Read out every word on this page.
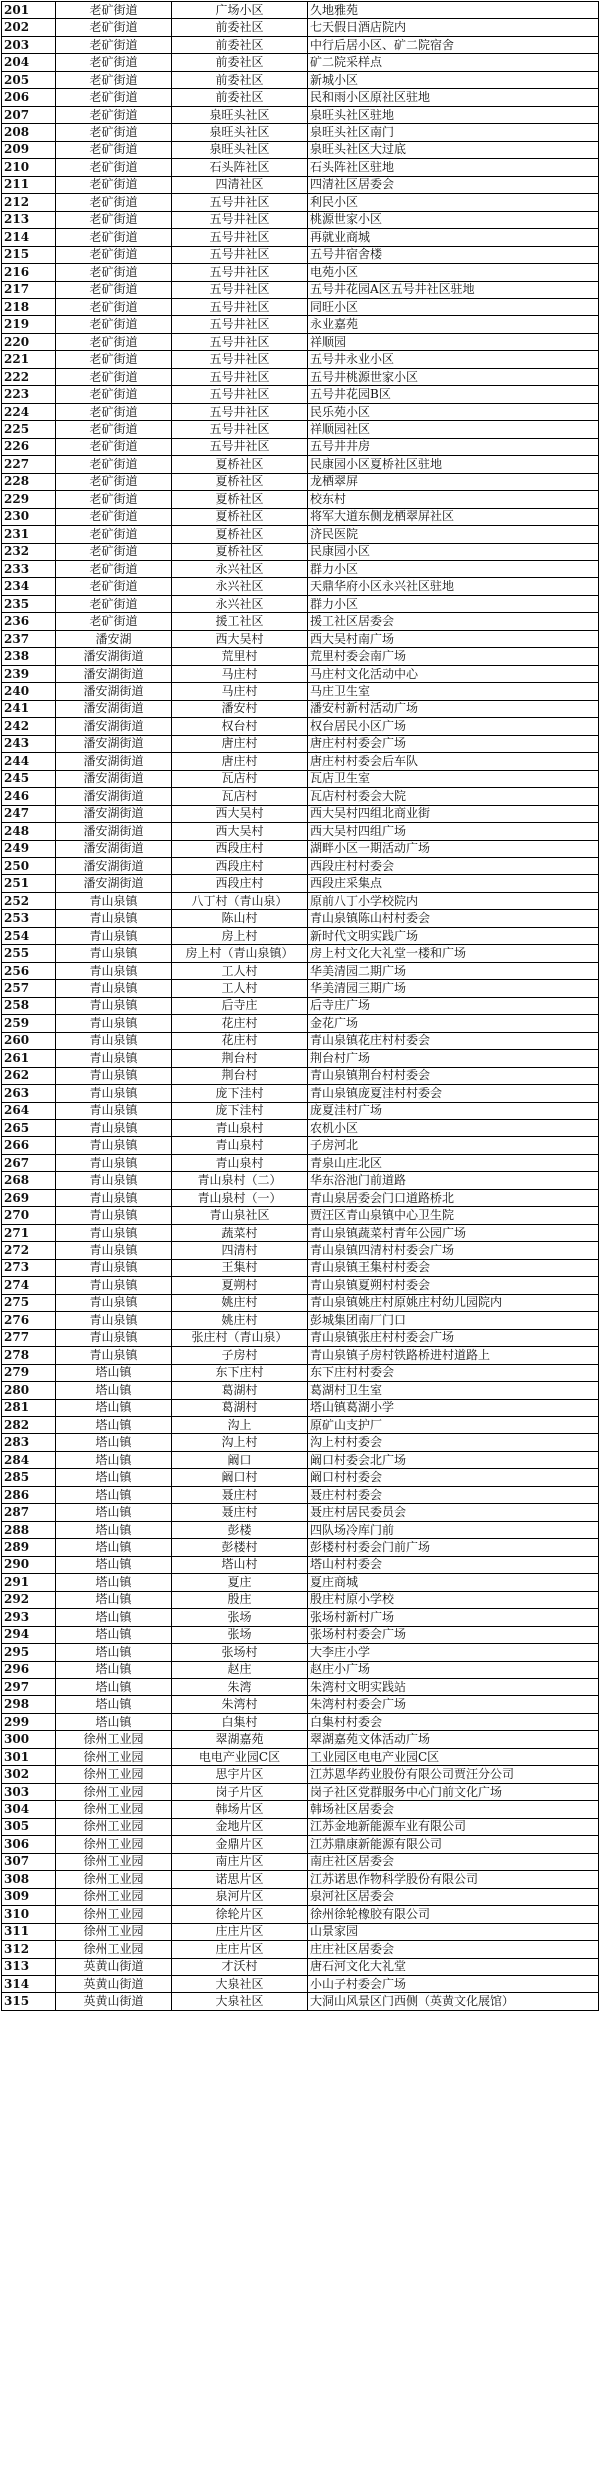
201	老矿街道	广场小区	久地雅苑
202	老矿街道	前委社区	七天假日酒店院内
203	老矿街道	前委社区	中行后居小区、矿二院宿舍
204	老矿街道	前委社区	矿二院采样点
205	老矿街道	前委社区	新城小区
206	老矿街道	前委社区	民和雨小区原社区驻地
207	老矿街道	泉旺头社区	泉旺头社区驻地
208	老矿街道	泉旺头社区	泉旺头社区南门
209	老矿街道	泉旺头社区	泉旺头社区大过底
210	老矿街道	石头阵社区	石头阵社区驻地
211	老矿街道	四清社区	四清社区居委会
212	老矿街道	五号井社区	利民小区
213	老矿街道	五号井社区	桃源世家小区
214	老矿街道	五号井社区	再就业商城
215	老矿街道	五号井社区	五号井宿舍楼
216	老矿街道	五号井社区	电苑小区
217	老矿街道	五号井社区	五号井花园A区五号井社区驻地
218	老矿街道	五号井社区	同旺小区
219	老矿街道	五号井社区	永业嘉苑
220	老矿街道	五号井社区	祥顺园
221	老矿街道	五号井社区	五号井永业小区
222	老矿街道	五号井社区	五号井桃源世家小区
223	老矿街道	五号井社区	五号井花园B区
224	老矿街道	五号井社区	民乐苑小区
225	老矿街道	五号井社区	祥顺园社区
226	老矿街道	五号井社区	五号井井房
227	老矿街道	夏桥社区	民康园小区夏桥社区驻地
228	老矿街道	夏桥社区	龙栖翠屏
229	老矿街道	夏桥社区	校东村
230	老矿街道	夏桥社区	将军大道东侧龙栖翠屏社区
231	老矿街道	夏桥社区	济民医院
232	老矿街道	夏桥社区	民康园小区
233	老矿街道	永兴社区	群力小区
234	老矿街道	永兴社区	天鼎华府小区永兴社区驻地
235	老矿街道	永兴社区	群力小区
236	老矿街道	援工社区	援工社区居委会
237	潘安湖	西大吴村	西大吴村南广场
238	潘安湖街道	荒里村	荒里村委会南广场
239	潘安湖街道	马庄村	马庄村文化活动中心
240	潘安湖街道	马庄村	马庄卫生室
241	潘安湖街道	潘安村	潘安村新村活动广场
242	潘安湖街道	权台村	权台居民小区广场
243	潘安湖街道	唐庄村	唐庄村村委会广场
244	潘安湖街道	唐庄村	唐庄村村委会后车队
245	潘安湖街道	瓦店村	瓦店卫生室
246	潘安湖街道	瓦店村	瓦店村村委会大院
247	潘安湖街道	西大吴村	西大吴村四组北商业街
248	潘安湖街道	西大吴村	西大吴村四组广场
249	潘安湖街道	西段庄村	湖畔小区一期活动广场
250	潘安湖街道	西段庄村	西段庄村村委会
251	潘安湖街道	西段庄村	西段庄采集点
252	青山泉镇	八丁村（青山泉）	原前八丁小学校院内
253	青山泉镇	陈山村	青山泉镇陈山村村委会
254	青山泉镇	房上村	新时代文明实践广场
255	青山泉镇	房上村（青山泉镇）	房上村文化大礼堂一楼和广场
256	青山泉镇	工人村	华美清园二期广场
257	青山泉镇	工人村	华美清园三期广场
258	青山泉镇	后寺庄	后寺庄广场
259	青山泉镇	花庄村	金花广场
260	青山泉镇	花庄村	青山泉镇花庄村村委会
261	青山泉镇	荆台村	荆台村广场
262	青山泉镇	荆台村	青山泉镇荆台村村委会
263	青山泉镇	庞下洼村	青山泉镇庞夏洼村村委会
264	青山泉镇	庞下洼村	庞夏洼村广场
265	青山泉镇	青山泉村	农机小区
266	青山泉镇	青山泉村	子房河北
267	青山泉镇	青山泉村	青泉山庄北区
268	青山泉镇	青山泉村（二）	华东浴池门前道路
269	青山泉镇	青山泉村（一）	青山泉居委会门口道路桥北
270	青山泉镇	青山泉社区	贾汪区青山泉镇中心卫生院
271	青山泉镇	蔬菜村	青山泉镇蔬菜村青年公园广场
272	青山泉镇	四清村	青山泉镇四清村村委会广场
273	青山泉镇	王集村	青山泉镇王集村村委会
274	青山泉镇	夏朔村	青山泉镇夏朔村村委会
275	青山泉镇	姚庄村	青山泉镇姚庄村原姚庄村幼儿园院内
276	青山泉镇	姚庄村	彭城集团南厂门口
277	青山泉镇	张庄村（青山泉）	青山泉镇张庄村村委会广场
278	青山泉镇	子房村	青山泉镇子房村铁路桥进村道路上
279	塔山镇	东下庄村	东下庄村村委会
280	塔山镇	葛湖村	葛湖村卫生室
281	塔山镇	葛湖村	塔山镇葛湖小学
282	塔山镇	沟上	原矿山支护厂
283	塔山镇	沟上村	沟上村村委会
284	塔山镇	阚口	阚口村委会北广场
285	塔山镇	阚口村	阚口村村委会
286	塔山镇	聂庄村	聂庄村村委会
287	塔山镇	聂庄村	聂庄村居民委员会
288	塔山镇	彭楼	四队场冷库门前
289	塔山镇	彭楼村	彭楼村村委会门前广场
290	塔山镇	塔山村	塔山村村委会
291	塔山镇	夏庄	夏庄商城
292	塔山镇	殷庄	殷庄村原小学校
293	塔山镇	张场	张场村新村广场
294	塔山镇	张场	张场村村委会广场
295	塔山镇	张场村	大李庄小学
296	塔山镇	赵庄	赵庄小广场
297	塔山镇	朱湾	朱湾村文明实践站
298	塔山镇	朱湾村	朱湾村村委会广场
299	塔山镇	白集村	白集村村委会
300	徐州工业园	翠湖嘉苑	翠湖嘉苑文体活动广场
301	徐州工业园	电电产业园C区	工业园区电电产业园C区
302	徐州工业园	思宇片区	江苏恩华药业股份有限公司贾汪分公司
303	徐州工业园	岗子片区	岗子社区党群服务中心门前文化广场
304	徐州工业园	韩场片区	韩场社区居委会
305	徐州工业园	金地片区	江苏金地新能源车业有限公司
306	徐州工业园	金鼎片区	江苏鼎康新能源有限公司
307	徐州工业园	南庄片区	南庄社区居委会
308	徐州工业园	诺思片区	江苏诺思作物科学股份有限公司
309	徐州工业园	泉河片区	泉河社区居委会
310	徐州工业园	徐轮片区	徐州徐轮橡胶有限公司
311	徐州工业园	庄庄片区	山景家园
312	徐州工业园	庄庄片区	庄庄社区居委会
313	英黄山街道	才沃村	唐石河文化大礼堂
314	英黄山街道	大泉社区	小山子村委会广场
315	英黄山街道	大泉社区	大洞山风景区门西侧（英黄文化展馆）
